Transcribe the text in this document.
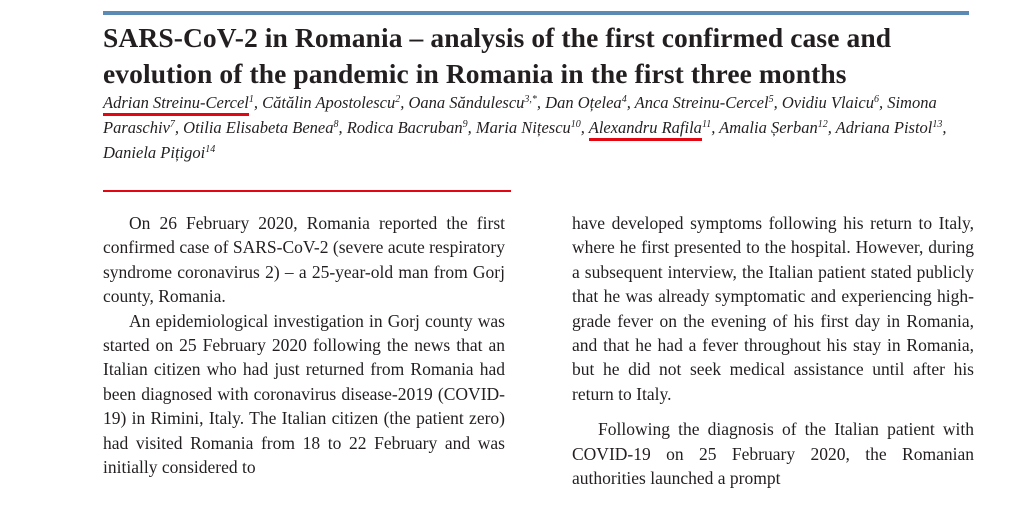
SARS-CoV-2 in Romania – analysis of the first confirmed case and evolution of the pandemic in Romania in the first three months
Adrian Streinu-Cercel$^1$, Cătălin Apostolescu$^2$, Oana Săndulescu$^{3,*}$, Dan Oțelea$^4$, Anca Streinu-Cercel$^5$, Ovidiu Vlaicu$^6$, Simona Paraschiv$^7$, Otilia Elisabeta Benea$^8$, Rodica Bacruban$^9$, Maria Nițescu$^{10}$, Alexandru Rafila$^{11}$, Amalia Șerban$^{12}$, Adriana Pistol$^{13}$, Daniela Pițigoi$^{14}$

On 26 February 2020, Romania reported the first confirmed case of SARS-CoV-2 (severe acute respiratory syndrome coronavirus 2) – a 25-year-old man from Gorj county, Romania.

An epidemiological investigation in Gorj county was started on 25 February 2020 following the news that an Italian citizen who had just returned from Romania had been diagnosed with coronavirus disease-2019 (COVID-19) in Rimini, Italy. The Italian citizen (the patient zero) had visited Romania from 18 to 22 February and was initially considered to

have developed symptoms following his return to Italy, where he first presented to the hospital. However, during a subsequent interview, the Italian patient stated publicly that he was already symptomatic and experiencing high-grade fever on the evening of his first day in Romania, and that he had a fever throughout his stay in Romania, but he did not seek medical assistance until after his return to Italy.

Following the diagnosis of the Italian patient with COVID-19 on 25 February 2020, the Romanian authorities launched a prompt
